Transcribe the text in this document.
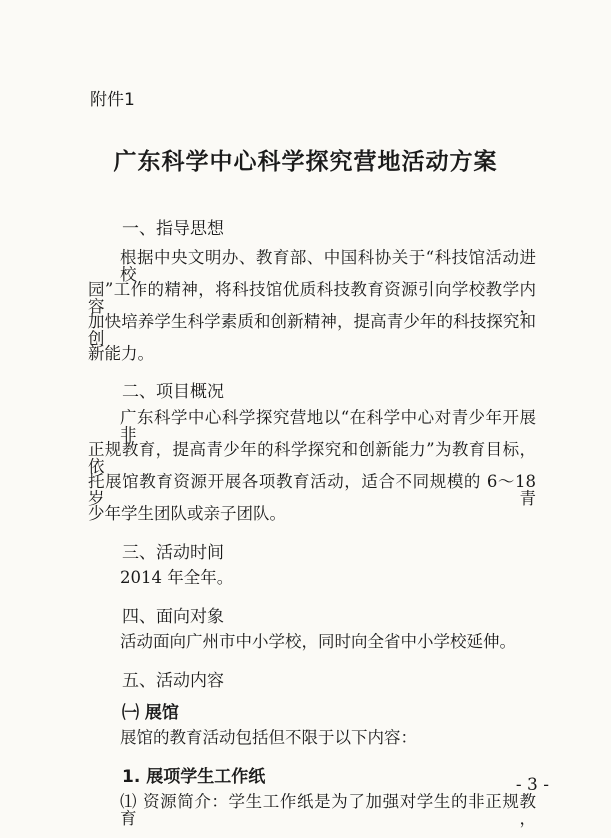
附件1
广东科学中心科学探究营地活动方案
一、指导思想
根据中央文明办、教育部、中国科协关于“科技馆活动进校
园”工作的精神，将科技馆优质科技教育资源引向学校教学内容，
加快培养学生科学素质和创新精神，提高青少年的科技探究和创
新能力。
二、项目概况
广东科学中心科学探究营地以“在科学中心对青少年开展非
正规教育，提高青少年的科学探究和创新能力”为教育目标，依
托展馆教育资源开展各项教育活动，适合不同规模的 6～18 岁青
少年学生团队或亲子团队。
三、活动时间
2014 年全年。
四、面向对象
活动面向广州市中小学校，同时向全省中小学校延伸。
五、活动内容
㈠ 展馆
展馆的教育活动包括但不限于以下内容：
1. 展项学生工作纸
⑴ 资源简介：学生工作纸是为了加强对学生的非正规教育，
- 3 -
